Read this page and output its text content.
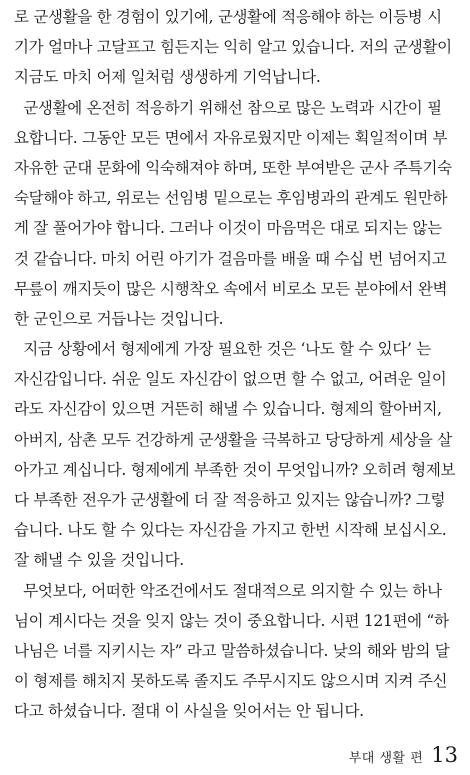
로 군생활을 한 경험이 있기에, 군생활에 적응해야 하는 이등병 시
기가 얼마나 고달프고 힘든지는 익히 알고 있습니다. 저의 군생활이
지금도 마치 어제 일처럼 생생하게 기억납니다.
군생활에 온전히 적응하기 위해선 참으로 많은 노력과 시간이 필
요합니다. 그동안 모든 면에서 자유로웠지만 이제는 획일적이며 부
자유한 군대 문화에 익숙해져야 하며, 또한 부여받은 군사 주특기숙
숙달해야 하고, 위로는 선임병 밑으로는 후임병과의 관계도 원만하
게 잘 풀어가야 합니다. 그러나 이것이 마음먹은 대로 되지는 않는
것 같습니다. 마치 어린 아기가 걸음마를 배울 때 수십 번 넘어지고
무릎이 깨지듯이 많은 시행착오 속에서 비로소 모든 분야에서 완벽
한 군인으로 거듭나는 것입니다.
지금 상황에서 형제에게 가장 필요한 것은 ‘나도 할 수 있다’ 는
자신감입니다. 쉬운 일도 자신감이 없으면 할 수 없고, 어려운 일이
라도 자신감이 있으면 거뜬히 해낼 수 있습니다. 형제의 할아버지,
아버지, 삼촌 모두 건강하게 군생활을 극복하고 당당하게 세상을 살
아가고 계십니다. 형제에게 부족한 것이 무엇입니까? 오히려 형제보
다 부족한 전우가 군생활에 더 잘 적응하고 있지는 않습니까? 그렇
습니다. 나도 할 수 있다는 자신감을 가지고 한번 시작해 보십시오.
잘 해낼 수 있을 것입니다.
무엇보다, 어떠한 악조건에서도 절대적으로 의지할 수 있는 하나
님이 계시다는 것을 잊지 않는 것이 중요합니다. 시편 121편에 “하
나님은 너를 지키시는 자” 라고 말씀하셨습니다. 낮의 해와 밤의 달
이 형제를 해치지 못하도록 졸지도 주무시지도 않으시며 지켜 주신
다고 하셨습니다. 절대 이 사실을 잊어서는 안 됩니다.
부대 생활 편 13
